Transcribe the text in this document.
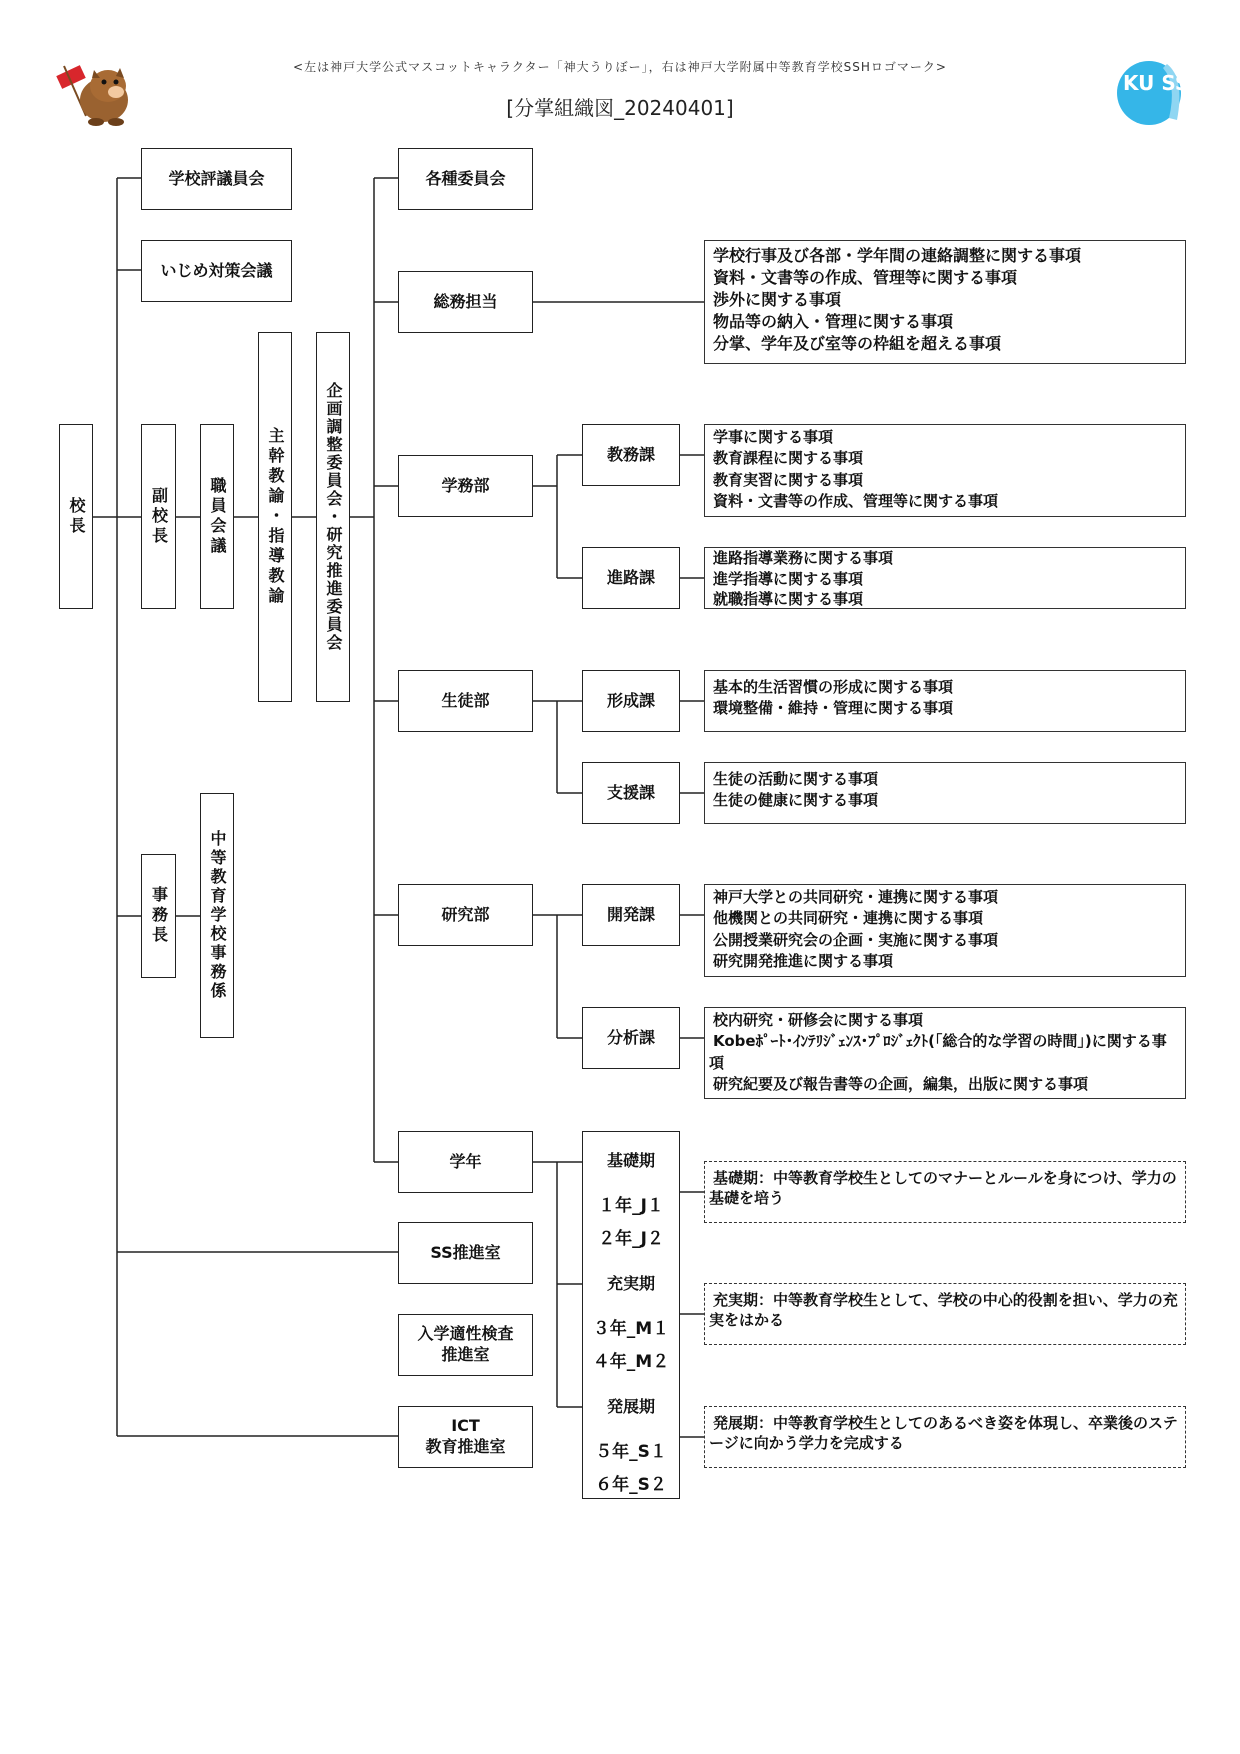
<左は神戸大学公式マスコットキャラクター「神大うりぼー」，右は神戸大学附属中等教育学校SSHロゴマーク>
[分掌組織図_20240401]
KU SSH
校長
学校評議員会
いじめ対策会議
副校長 職員会議 主幹教諭・指導教諭 企画調整委員会・研究推進委員会
事務長 中等教育学校事務係
各種委員会
総務担当
学務部
生徒部
研究部
学年
SS推進室
入学適性検査
推進室
ICT
教育推進室
教務課
進路課
形成課
支援課
開発課
分析課
基礎期
１年_J１
２年_J２
充実期
３年_M１
４年_M２
発展期
５年_S１
６年_S２
学校行事及び各部・学年間の連絡調整に関する事項
資料・文書等の作成、管理等に関する事項
渉外に関する事項
物品等の納入・管理に関する事項
分掌、学年及び室等の枠組を超える事項
学事に関する事項
教育課程に関する事項
教育実習に関する事項
資料・文書等の作成、管理等に関する事項
進路指導業務に関する事項
進学指導に関する事項
就職指導に関する事項
基本的生活習慣の形成に関する事項
環境整備・維持・管理に関する事項
生徒の活動に関する事項
生徒の健康に関する事項
神戸大学との共同研究・連携に関する事項
他機関との共同研究・連携に関する事項
公開授業研究会の企画・実施に関する事項
研究開発推進に関する事項
校内研究・研修会に関する事項
Kobeﾎﾟｰﾄ･ｲﾝﾃﾘｼﾞｪﾝｽ･ﾌﾟﾛｼﾞｪｸﾄ(「総合的な学習の時間」)に関する事項
研究紀要及び報告書等の企画，編集，出版に関する事項
基礎期：中等教育学校生としてのマナーとルールを身につけ、学力の基礎を培う
充実期：中等教育学校生として、学校の中心的役割を担い、学力の充実をはかる
発展期：中等教育学校生としてのあるべき姿を体現し、卒業後のステージに向かう学力を完成する
